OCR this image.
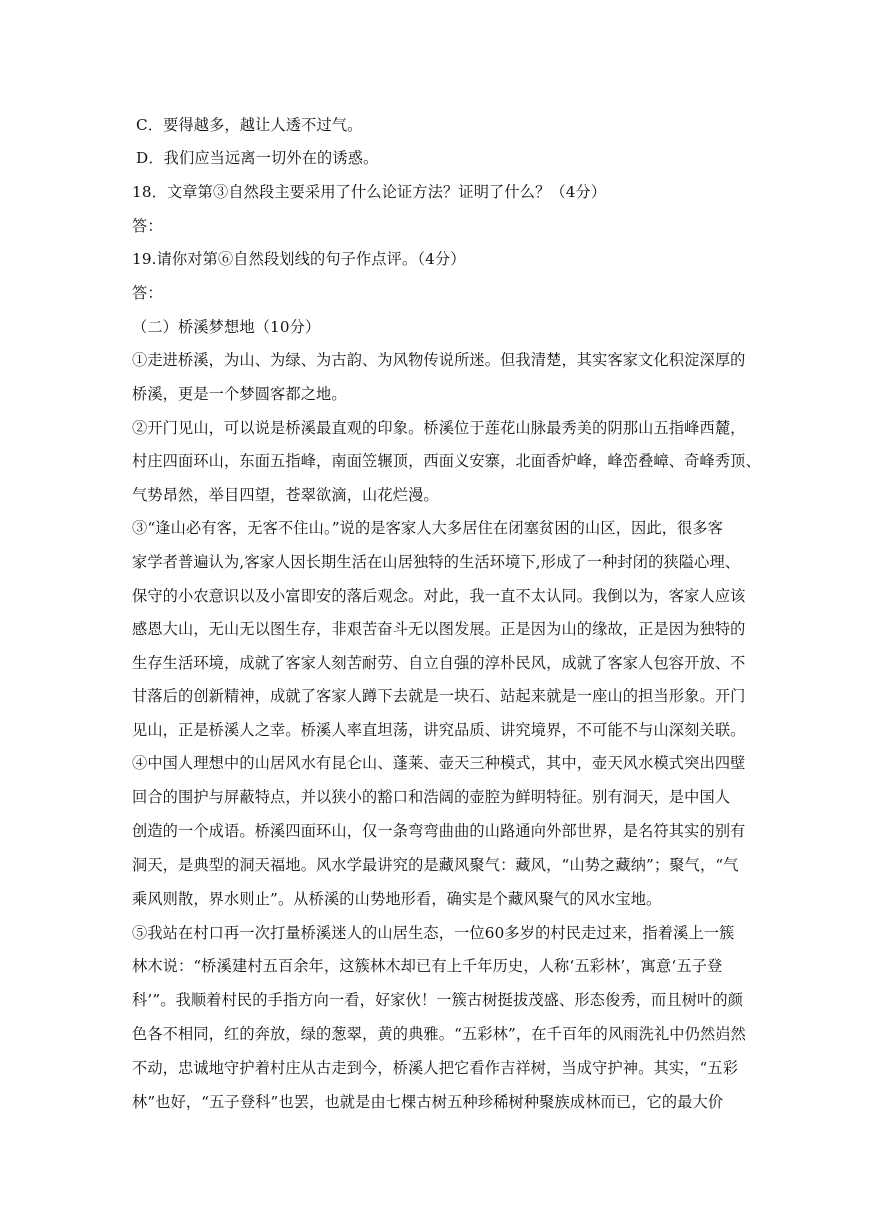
C．要得越多，越让人透不过气。
D．我们应当远离一切外在的诱惑。
18．文章第③自然段主要采用了什么论证方法？证明了什么？（4分）
答：
19.请你对第⑥自然段划线的句子作点评。（4分）
答：
（二）桥溪梦想地（10分）
①走进桥溪，为山、为绿、为古韵、为风物传说所迷。但我清楚，其实客家文化积淀深厚的
桥溪，更是一个梦圆客都之地。
②开门见山，可以说是桥溪最直观的印象。桥溪位于莲花山脉最秀美的阴那山五指峰西麓，
村庄四面环山，东面五指峰，南面笠辗顶，西面义安寨，北面香炉峰，峰峦叠嶂、奇峰秀顶、
气势昂然，举目四望，苍翠欲滴，山花烂漫。
③“逢山必有客，无客不住山。”说的是客家人大多居住在闭塞贫困的山区，因此，很多客
家学者普遍认为,客家人因长期生活在山居独特的生活环境下,形成了一种封闭的狭隘心理、
保守的小农意识以及小富即安的落后观念。对此，我一直不太认同。我倒以为，客家人应该
感恩大山，无山无以图生存，非艰苦奋斗无以图发展。正是因为山的缘故，正是因为独特的
生存生活环境，成就了客家人刻苦耐劳、自立自强的淳朴民风，成就了客家人包容开放、不
甘落后的创新精神，成就了客家人蹲下去就是一块石、站起来就是一座山的担当形象。开门
见山，正是桥溪人之幸。桥溪人率直坦荡，讲究品质、讲究境界，不可能不与山深刻关联。
④中国人理想中的山居风水有昆仑山、蓬莱、壶天三种模式，其中，壶天风水模式突出四壁
回合的围护与屏蔽特点，并以狭小的豁口和浩阔的壶腔为鲜明特征。别有洞天，是中国人
创造的一个成语。桥溪四面环山，仅一条弯弯曲曲的山路通向外部世界，是名符其实的别有
洞天，是典型的洞天福地。风水学最讲究的是藏风聚气：藏风，“山势之藏纳”；聚气，“气
乘风则散，界水则止”。从桥溪的山势地形看，确实是个藏风聚气的风水宝地。
⑤我站在村口再一次打量桥溪迷人的山居生态，一位60多岁的村民走过来，指着溪上一簇
林木说：“桥溪建村五百余年，这簇林木却已有上千年历史，人称‘五彩林’，寓意‘五子登
科’”。我顺着村民的手指方向一看，好家伙！一簇古树挺拔茂盛、形态俊秀，而且树叶的颜
色各不相同，红的奔放，绿的葱翠，黄的典雅。“五彩林”，在千百年的风雨洗礼中仍然岿然
不动，忠诚地守护着村庄从古走到今，桥溪人把它看作吉祥树，当成守护神。其实，“五彩
林”也好，“五子登科”也罢，也就是由七棵古树五种珍稀树种聚族成林而已，它的最大价
